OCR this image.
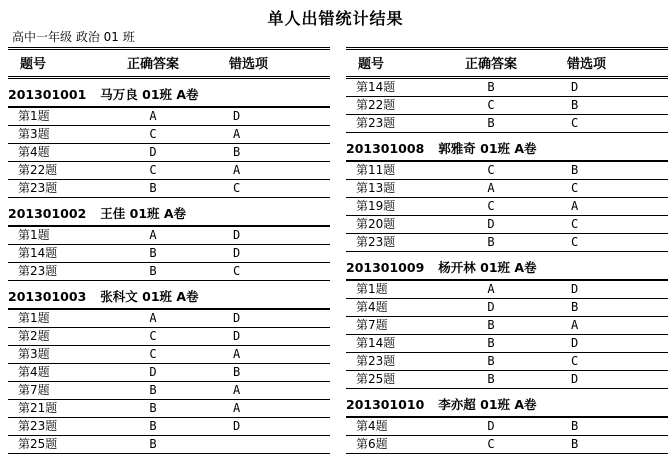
单人出错统计结果
高中一年级 政治 01 班
题号	正确答案	错选项
201301001 马万良 01班 A卷
第1题	A	D
第3题	C	A
第4题	D	B
第22题	C	A
第23题	B	C
201301002 王佳 01班 A卷
第1题	A	D
第14题	B	D
第23题	B	C
201301003 张科文 01班 A卷
第1题	A	D
第2题	C	D
第3题	C	A
第4题	D	B
第7题	B	A
第21题	B	A
第23题	B	D
第25题	B
题号	正确答案	错选项
第14题	B	D
第22题	C	B
第23题	B	C
201301008 郭雅奇 01班 A卷
第11题	C	B
第13题	A	C
第19题	C	A
第20题	D	C
第23题	B	C
201301009 杨开林 01班 A卷
第1题	A	D
第4题	D	B
第7题	B	A
第14题	B	D
第23题	B	C
第25题	B	D
201301010 李亦超 01班 A卷
第4题	D	B
第6题	C	B
